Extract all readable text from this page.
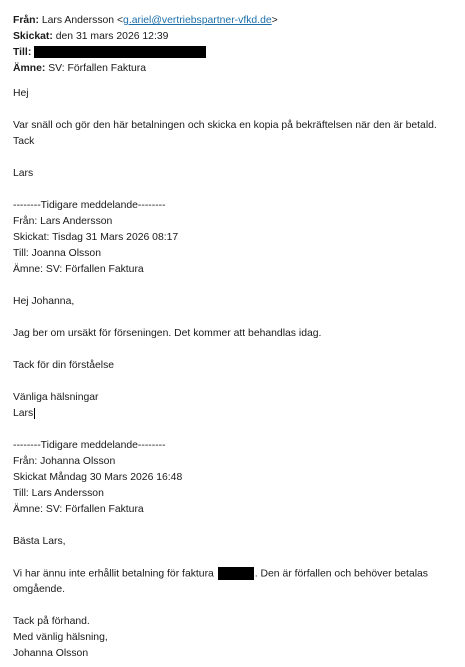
Från: Lars Andersson <g.ariel@vertriebspartner-vfkd.de>
Skickat: den 31 mars 2026 12:39
Till:
Ämne: SV: Förfallen Faktura
Hej
Var snäll och gör den här betalningen och skicka en kopia på bekräftelsen när den är betald.
Tack
Lars
--------Tidigare meddelande--------
Från: Lars Andersson
Skickat: Tisdag 31 Mars 2026 08:17
Till: Joanna Olsson
Ämne: SV: Förfallen Faktura
Hej Johanna,
Jag ber om ursäkt för förseningen. Det kommer att behandlas idag.
Tack för din förståelse
Vänliga hälsningar
Lars
--------Tidigare meddelande--------
Från: Johanna Olsson
Skickat Måndag 30 Mars 2026 16:48
Till: Lars Andersson
Ämne: SV: Förfallen Faktura
Bästa Lars,
Vi har ännu inte erhållit betalning för faktura	. Den är förfallen och behöver betalas
omgående.
Tack på förhand.
Med vänlig hälsning,
Johanna Olsson
